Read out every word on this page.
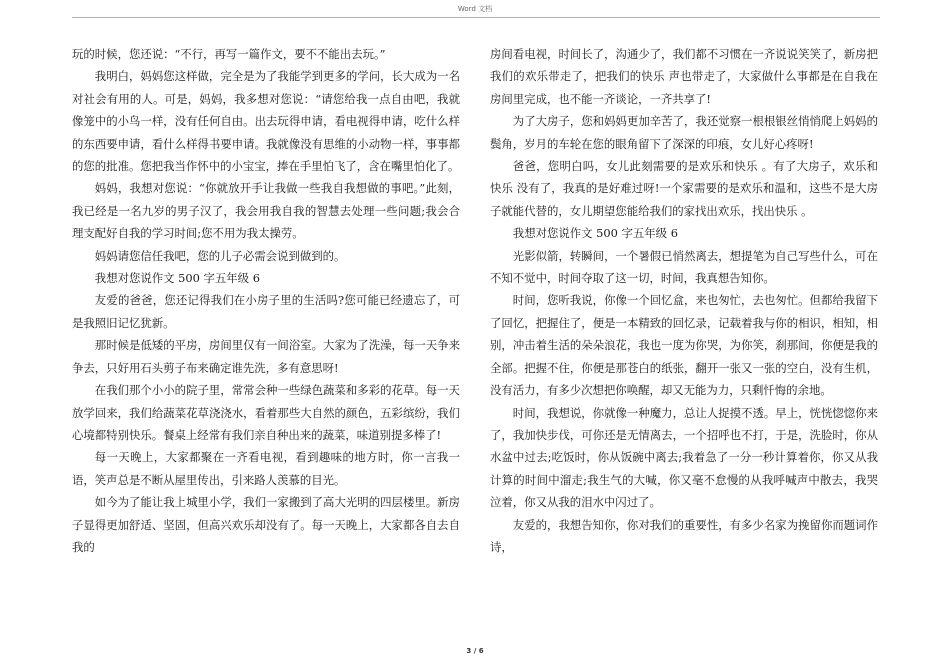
Word 文档

玩的时候，您还说：“不行，再写一篇作文，要不不能出去玩。”

我明白，妈妈您这样做，完全是为了我能学到更多的学问，长大成为一名对社会有用的人。可是，妈妈，我多想对您说：“请您给我一点自由吧，我就像笼中的小鸟一样，没有任何自由。出去玩得申请，看电视得申请，吃什么样的东西要申请，看什么样得书要申请。我就像没有思维的小动物一样，事事都的您的批准。您把我当作怀中的小宝宝，捧在手里怕飞了，含在嘴里怕化了。

妈妈，我想对您说：“你就放开手让我做一些我自我想做的事吧。”此刻，我已经是一名九岁的男子汉了，我会用我自我的智慧去处理一些问题;我会合理支配好自我的学习时间;您不用为我太操劳。

妈妈请您信任我吧，您的儿子必需会说到做到的。

我想对您说作文 500 字五年级 6

友爱的爸爸，您还记得我们在小房子里的生活吗?您可能已经遗忘了，可是我照旧记忆犹新。

那时候是低矮的平房，房间里仅有一间浴室。大家为了洗澡，每一天争来争去，只好用石头剪子布来确定谁先洗，多有意思呀!

在我们那个小小的院子里，常常会种一些绿色蔬菜和多彩的花草。每一天放学回来，我们给蔬菜花草浇浇水，看着那些大自然的颜色，五彩缤纷，我们心境都特别快乐。餐桌上经常有我们亲自种出来的蔬菜，味道别提多棒了!

每一天晚上，大家都聚在一齐看电视，看到趣味的地方时，你一言我一语，笑声总是不断从屋里传出，引来路人羡慕的目光。

如今为了能让我上城里小学，我们一家搬到了高大光明的四层楼里。新房子显得更加舒适、坚固，但高兴欢乐却没有了。每一天晚上，大家都各自去自我的

房间看电视，时间长了，沟通少了，我们都不习惯在一齐说说笑笑了，新房把我们的欢乐带走了，把我们的快乐 声也带走了，大家做什么事都是在自我在房间里完成，也不能一齐谈论，一齐共享了!

为了大房子，您和妈妈更加辛苦了，我还觉察一根根银丝悄悄爬上妈妈的鬓角，岁月的车轮在您的眼角留下了深深的印痕，女儿好心疼呀!

爸爸，您明白吗，女儿此刻需要的是欢乐和快乐 。有了大房子，欢乐和快乐 没有了，我真的是好难过呀!一个家需要的是欢乐和温和，这些不是大房子就能代替的，女儿期望您能给我们的家找出欢乐，找出快乐 。

我想对您说作文 500 字五年级 6

光影似箭，转瞬间，一个暑假已悄然离去，想提笔为自己写些什么，可在不知不觉中，时间夺取了这一切，时间，我真想告知你。

时间，您听我说，你像一个回忆盒，来也匆忙，去也匆忙。但都给我留下了回忆，把握住了，便是一本精致的回忆录，记载着我与你的相识，相知，相别，冲击着生活的朵朵浪花，我也一度为你哭，为你笑，刹那间，你便是我的全部。把握不住，你便是那苍白的纸张，翻开一张又一张的空白，没有生机，没有活力，有多少次想把你唤醒，却又无能为力，只剩忏悔的余地。

时间，我想说，你就像一种魔力，总让人捉摸不透。早上，恍恍惚惚你来了，我加快步伐，可你还是无情离去，一个招呼也不打，于是，洗脸时，你从水盆中过去;吃饭时，你从饭碗中离去;我着急了一分一秒计算着你，你又从我计算的时间中溜走;我生气的大喊，你又毫不怠慢的从我呼喊声中散去，我哭泣着，你又从我的泪水中闪过了。

友爱的，我想告知你，你对我们的重要性，有多少名家为挽留你而题词作诗，

3 / 6
